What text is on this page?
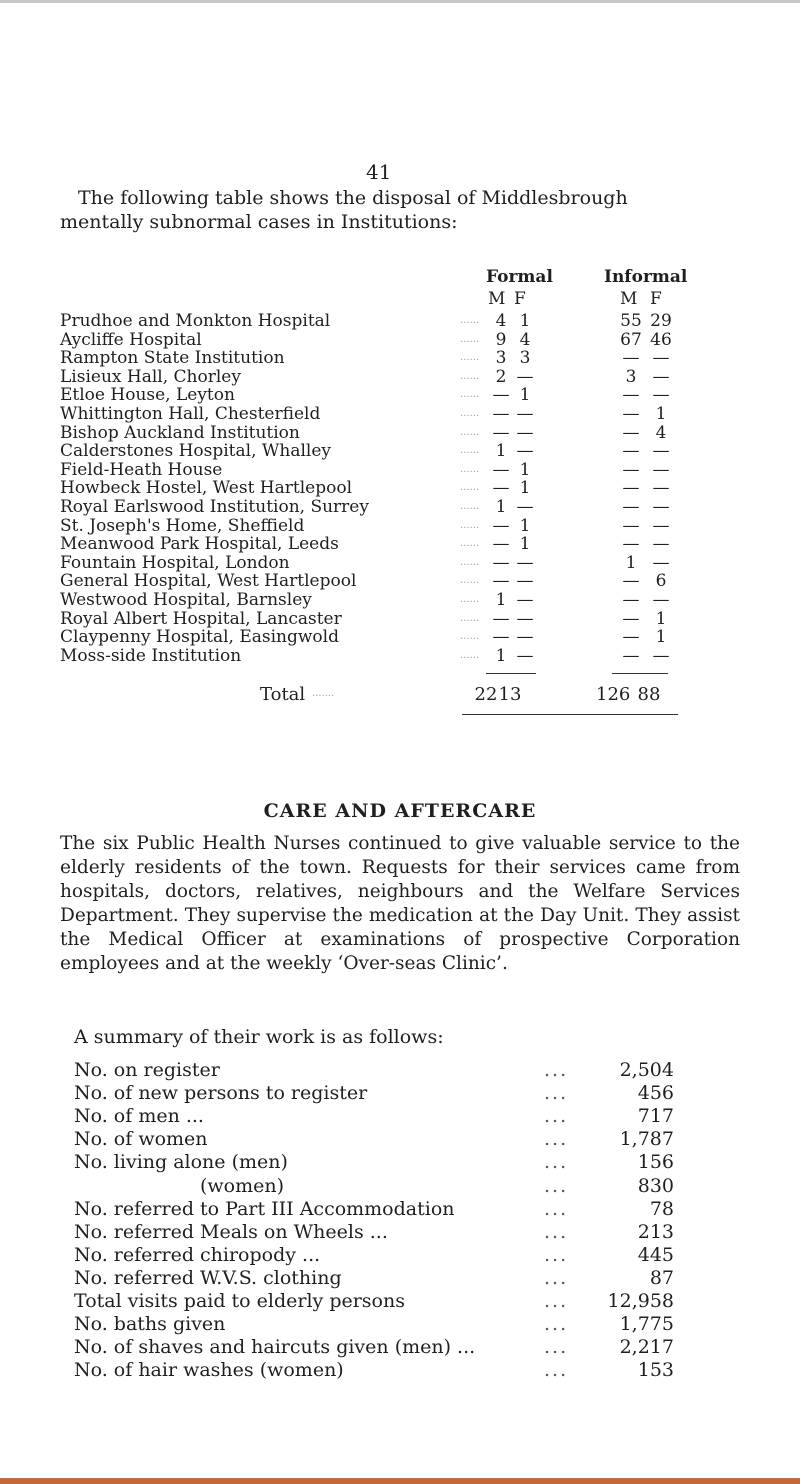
41
The following table shows the disposal of Middlesbrough
mentally subnormal cases in Institutions:
Formal	Informal
M F	M F
Prudhoe and Monkton Hospital	...... 4 1	55 29
Aycliffe Hospital	...... 9 4	67 46
Rampton State Institution	...... 3 3	— —
Lisieux Hall, Chorley	...... 2 —	3 —
Etloe House, Leyton	...... — 1	— —
Whittington Hall, Chesterfield	...... — —	— 1
Bishop Auckland Institution	...... — —	— 4
Calderstones Hospital, Whalley	...... 1 —	— —
Field-Heath House	...... — 1	— —
Howbeck Hostel, West Hartlepool	...... — 1	— —
Royal Earlswood Institution, Surrey	...... 1 —	— —
St. Joseph's Home, Sheffield	...... — 1	— —
Meanwood Park Hospital, Leeds	...... — 1	— —
Fountain Hospital, London	...... — —	1 —
General Hospital, West Hartlepool	...... — —	— 6
Westwood Hospital, Barnsley	...... 1 —	— —
Royal Albert Hospital, Lancaster	...... — —	— 1
Claypenny Hospital, Easingwold	...... — —	— 1
Moss-side Institution	...... 1 —	— —
Total .......	22 13	126 88
CARE AND AFTERCARE
The six Public Health Nurses continued to give valuable service to the elderly residents of the town. Requests for their services came from hospitals, doctors, relatives, neighbours and the Welfare Services Department. They supervise the medication at the Day Unit. They assist the Medical Officer at examinations of prospective Corporation employees and at the weekly ‘Over-seas Clinic’.
A summary of their work is as follows:
No. on register	...	2,504
No. of new persons to register	...	456
No. of men ...	...	717
No. of women	...	1,787
No. living alone (men)	...	156
(women)	...	830
No. referred to Part III Accommodation	...	78
No. referred Meals on Wheels ...	...	213
No. referred chiropody ...	...	445
No. referred W.V.S. clothing	...	87
Total visits paid to elderly persons	... 12,958
No. baths given	...	1,775
No. of shaves and haircuts given (men) ...	...	2,217
No. of hair washes (women)	...	153
